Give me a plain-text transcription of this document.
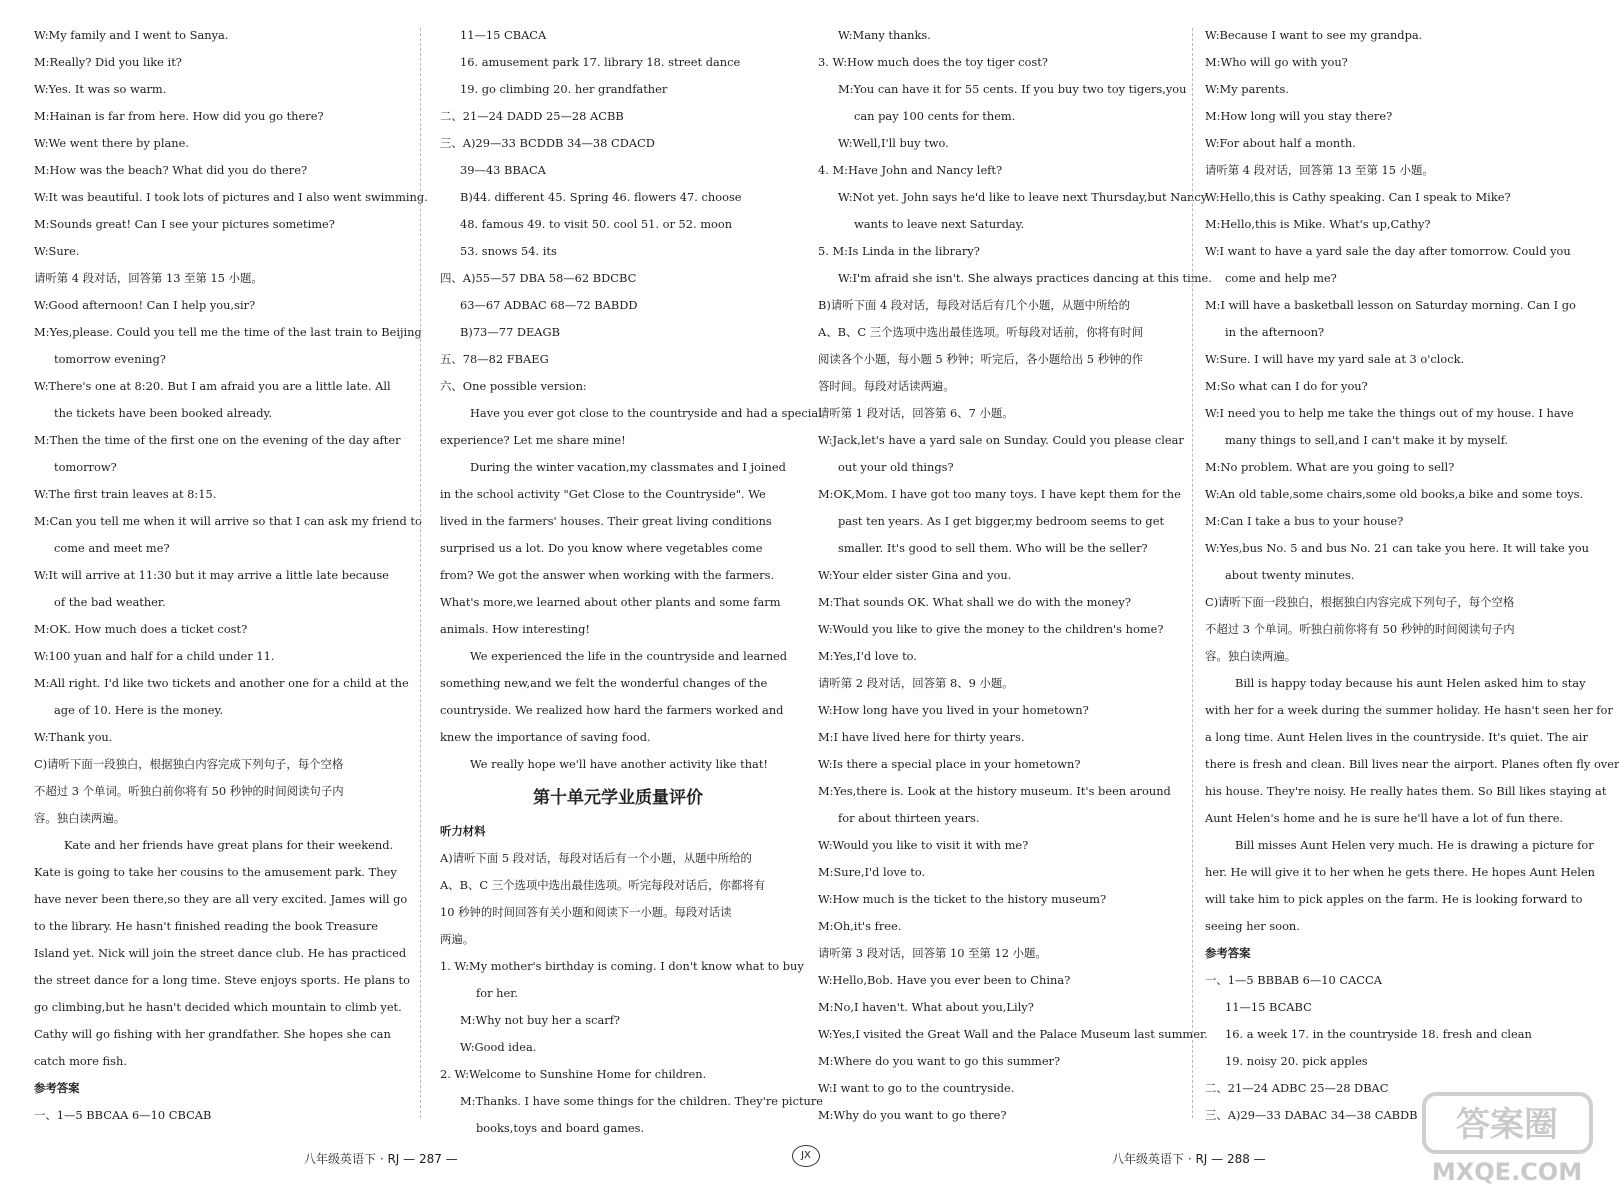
W:My family and I went to Sanya.
M:Really? Did you like it?
W:Yes. It was so warm.
M:Hainan is far from here. How did you go there?
W:We went there by plane.
M:How was the beach? What did you do there?
W:It was beautiful. I took lots of pictures and I also went swimming.
M:Sounds great! Can I see your pictures sometime?
W:Sure.
请听第 4 段对话，回答第 13 至第 15 小题。
W:Good afternoon! Can I help you,sir?
M:Yes,please. Could you tell me the time of the last train to Beijing
tomorrow evening?
W:There's one at 8:20. But I am afraid you are a little late. All
the tickets have been booked already.
M:Then the time of the first one on the evening of the day after
tomorrow?
W:The first train leaves at 8:15.
M:Can you tell me when it will arrive so that I can ask my friend to
come and meet me?
W:It will arrive at 11:30 but it may arrive a little late because
of the bad weather.
M:OK. How much does a ticket cost?
W:100 yuan and half for a child under 11.
M:All right. I'd like two tickets and another one for a child at the
age of 10. Here is the money.
W:Thank you.
C)请听下面一段独白，根据独白内容完成下列句子，每个空格
不超过 3 个单词。听独白前你将有 50 秒钟的时间阅读句子内
容。独白读两遍。
Kate and her friends have great plans for their weekend.
Kate is going to take her cousins to the amusement park. They
have never been there,so they are all very excited. James will go
to the library. He hasn't finished reading the book Treasure
Island yet. Nick will join the street dance club. He has practiced
the street dance for a long time. Steve enjoys sports. He plans to
go climbing,but he hasn't decided which mountain to climb yet.
Cathy will go fishing with her grandfather. She hopes she can
catch more fish.
参考答案
一、1—5 BBCAA 6—10 CBCAB
11—15 CBACA
16. amusement park 17. library 18. street dance
19. go climbing 20. her grandfather
二、21—24 DADD 25—28 ACBB
三、A)29—33 BCDDB 34—38 CDACD
39—43 BBACA
B)44. different 45. Spring 46. flowers 47. choose
48. famous 49. to visit 50. cool 51. or 52. moon
53. snows 54. its
四、A)55—57 DBA 58—62 BDCBC
63—67 ADBAC 68—72 BABDD
B)73—77 DEAGB
五、78—82 FBAEG
六、One possible version:
Have you ever got close to the countryside and had a special
experience? Let me share mine!
During the winter vacation,my classmates and I joined
in the school activity "Get Close to the Countryside". We
lived in the farmers' houses. Their great living conditions
surprised us a lot. Do you know where vegetables come
from? We got the answer when working with the farmers.
What's more,we learned about other plants and some farm
animals. How interesting!
We experienced the life in the countryside and learned
something new,and we felt the wonderful changes of the
countryside. We realized how hard the farmers worked and
knew the importance of saving food.
We really hope we'll have another activity like that!
第十单元学业质量评价
听力材料
A)请听下面 5 段对话，每段对话后有一个小题，从题中所给的
A、B、C 三个选项中选出最佳选项。听完每段对话后，你都将有
10 秒钟的时间回答有关小题和阅读下一小题。每段对话读
两遍。
1. W:My mother's birthday is coming. I don't know what to buy
for her.
M:Why not buy her a scarf?
W:Good idea.
2. W:Welcome to Sunshine Home for children.
M:Thanks. I have some things for the children. They're picture
books,toys and board games.
W:Many thanks.
3. W:How much does the toy tiger cost?
M:You can have it for 55 cents. If you buy two toy tigers,you
can pay 100 cents for them.
W:Well,I'll buy two.
4. M:Have John and Nancy left?
W:Not yet. John says he'd like to leave next Thursday,but Nancy
wants to leave next Saturday.
5. M:Is Linda in the library?
W:I'm afraid she isn't. She always practices dancing at this time.
B)请听下面 4 段对话，每段对话后有几个小题，从题中所给的
A、B、C 三个选项中选出最佳选项。听每段对话前，你将有时间
阅读各个小题，每小题 5 秒钟；听完后，各小题给出 5 秒钟的作
答时间。每段对话读两遍。
请听第 1 段对话，回答第 6、7 小题。
W:Jack,let's have a yard sale on Sunday. Could you please clear
out your old things?
M:OK,Mom. I have got too many toys. I have kept them for the
past ten years. As I get bigger,my bedroom seems to get
smaller. It's good to sell them. Who will be the seller?
W:Your elder sister Gina and you.
M:That sounds OK. What shall we do with the money?
W:Would you like to give the money to the children's home?
M:Yes,I'd love to.
请听第 2 段对话，回答第 8、9 小题。
W:How long have you lived in your hometown?
M:I have lived here for thirty years.
W:Is there a special place in your hometown?
M:Yes,there is. Look at the history museum. It's been around
for about thirteen years.
W:Would you like to visit it with me?
M:Sure,I'd love to.
W:How much is the ticket to the history museum?
M:Oh,it's free.
请听第 3 段对话，回答第 10 至第 12 小题。
W:Hello,Bob. Have you ever been to China?
M:No,I haven't. What about you,Lily?
W:Yes,I visited the Great Wall and the Palace Museum last summer.
M:Where do you want to go this summer?
W:I want to go to the countryside.
M:Why do you want to go there?
W:Because I want to see my grandpa.
M:Who will go with you?
W:My parents.
M:How long will you stay there?
W:For about half a month.
请听第 4 段对话，回答第 13 至第 15 小题。
W:Hello,this is Cathy speaking. Can I speak to Mike?
M:Hello,this is Mike. What's up,Cathy?
W:I want to have a yard sale the day after tomorrow. Could you
come and help me?
M:I will have a basketball lesson on Saturday morning. Can I go
in the afternoon?
W:Sure. I will have my yard sale at 3 o'clock.
M:So what can I do for you?
W:I need you to help me take the things out of my house. I have
many things to sell,and I can't make it by myself.
M:No problem. What are you going to sell?
W:An old table,some chairs,some old books,a bike and some toys.
M:Can I take a bus to your house?
W:Yes,bus No. 5 and bus No. 21 can take you here. It will take you
about twenty minutes.
C)请听下面一段独白，根据独白内容完成下列句子，每个空格
不超过 3 个单词。听独白前你将有 50 秒钟的时间阅读句子内
容。独白读两遍。
Bill is happy today because his aunt Helen asked him to stay
with her for a week during the summer holiday. He hasn't seen her for
a long time. Aunt Helen lives in the countryside. It's quiet. The air
there is fresh and clean. Bill lives near the airport. Planes often fly over
his house. They're noisy. He really hates them. So Bill likes staying at
Aunt Helen's home and he is sure he'll have a lot of fun there.
Bill misses Aunt Helen very much. He is drawing a picture for
her. He will give it to her when he gets there. He hopes Aunt Helen
will take him to pick apples on the farm. He is looking forward to
seeing her soon.
参考答案
一、1—5 BBBAB 6—10 CACCA
11—15 BCABC
16. a week 17. in the countryside 18. fresh and clean
19. noisy 20. pick apples
二、21—24 ADBC 25—28 DBAC
三、A)29—33 DABAC 34—38 CABDB
八年级英语下 · RJ — 287 —	JX	八年级英语下 · RJ — 288 —
答案圈
MXQE.COM
